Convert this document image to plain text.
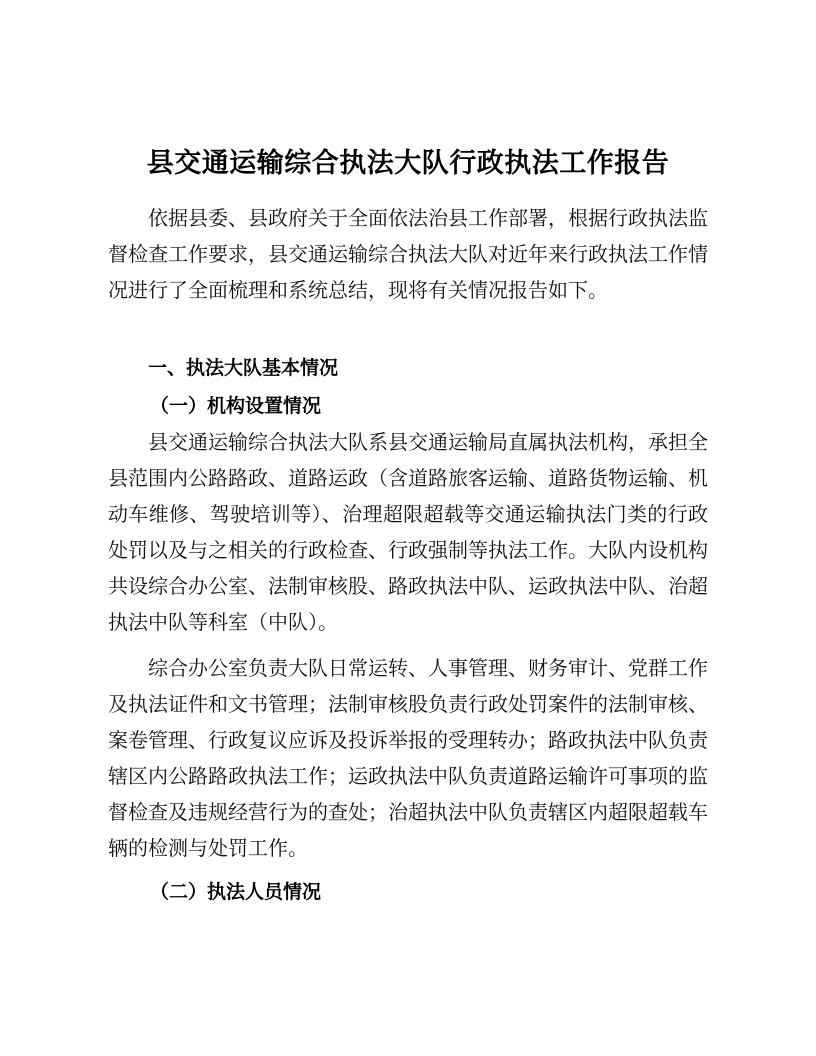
县交通运输综合执法大队行政执法工作报告

依据县委、县政府关于全面依法治县工作部署，根据行政执法监督检查工作要求，县交通运输综合执法大队对近年来行政执法工作情况进行了全面梳理和系统总结，现将有关情况报告如下。

一、执法大队基本情况
（一）机构设置情况

县交通运输综合执法大队系县交通运输局直属执法机构，承担全县范围内公路路政、道路运政（含道路旅客运输、道路货物运输、机动车维修、驾驶培训等）、治理超限超载等交通运输执法门类的行政处罚以及与之相关的行政检查、行政强制等执法工作。大队内设机构共设综合办公室、法制审核股、路政执法中队、运政执法中队、治超执法中队等科室（中队）。

综合办公室负责大队日常运转、人事管理、财务审计、党群工作及执法证件和文书管理；法制审核股负责行政处罚案件的法制审核、案卷管理、行政复议应诉及投诉举报的受理转办；路政执法中队负责辖区内公路路政执法工作；运政执法中队负责道路运输许可事项的监督检查及违规经营行为的查处；治超执法中队负责辖区内超限超载车辆的检测与处罚工作。

（二）执法人员情况
